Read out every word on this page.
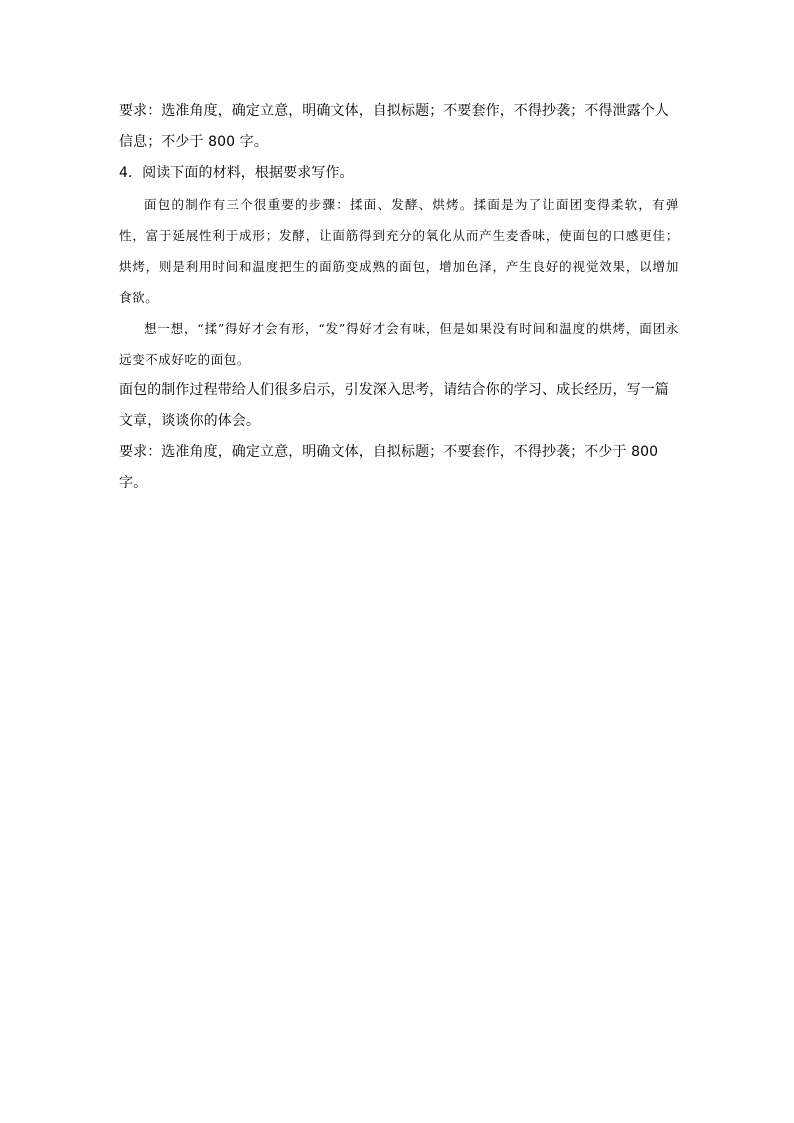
要求：选准角度，确定立意，明确文体，自拟标题；不要套作，不得抄袭；不得泄露个人信息；不少于 800 字。

4．阅读下面的材料，根据要求写作。

面包的制作有三个很重要的步骤：揉面、发酵、烘烤。揉面是为了让面团变得柔软，有弹性，富于延展性利于成形；发酵，让面筋得到充分的氧化从而产生麦香味，使面包的口感更佳；烘烤，则是利用时间和温度把生的面筋变成熟的面包，增加色泽，产生良好的视觉效果，以增加食欲。

想一想，“揉”得好才会有形，“发”得好才会有味，但是如果没有时间和温度的烘烤，面团永远变不成好吃的面包。

面包的制作过程带给人们很多启示，引发深入思考，请结合你的学习、成长经历，写一篇文章，谈谈你的体会。

要求：选准角度，确定立意，明确文体，自拟标题；不要套作，不得抄袭；不少于 800 字。
